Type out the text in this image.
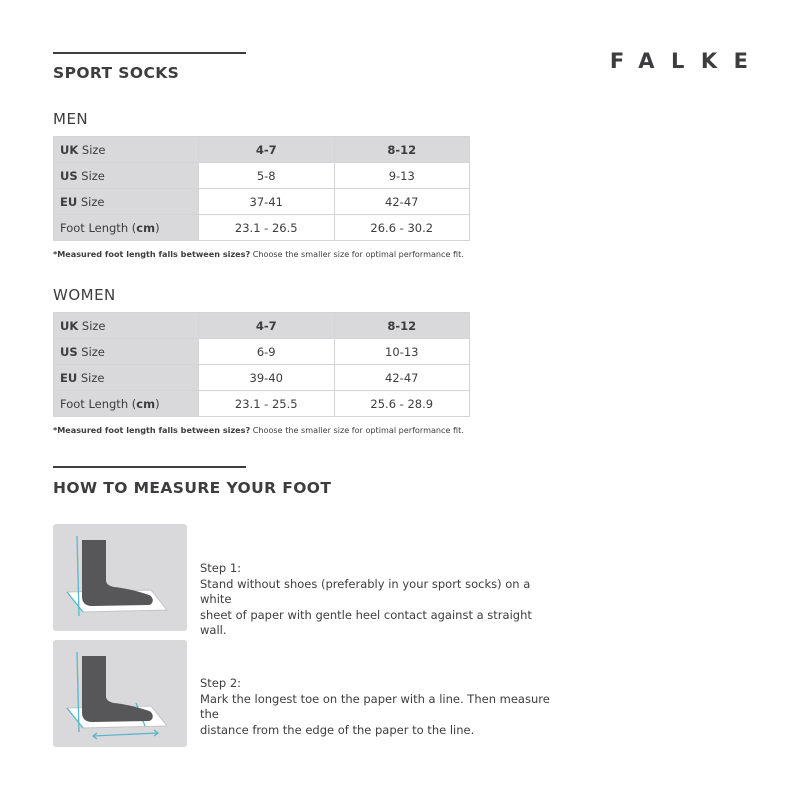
SPORT SOCKS	FALKE
MEN
UK Size	4-7	8-12
US Size	5-8	9-13
EU Size	37-41	42-47
Foot Length (cm)	23.1 - 26.5	26.6 - 30.2
*Measured foot length falls between sizes? Choose the smaller size for optimal performance fit.
WOMEN
UK Size	4-7	8-12
US Size	6-9	10-13
EU Size	39-40	42-47
Foot Length (cm)	23.1 - 25.5	25.6 - 28.9
*Measured foot length falls between sizes? Choose the smaller size for optimal performance fit.
HOW TO MEASURE YOUR FOOT
Step 1:
Stand without shoes (preferably in your sport socks) on a white
sheet of paper with gentle heel contact against a straight wall.
Step 2:
Mark the longest toe on the paper with a line. Then measure the
distance from the edge of the paper to the line.
